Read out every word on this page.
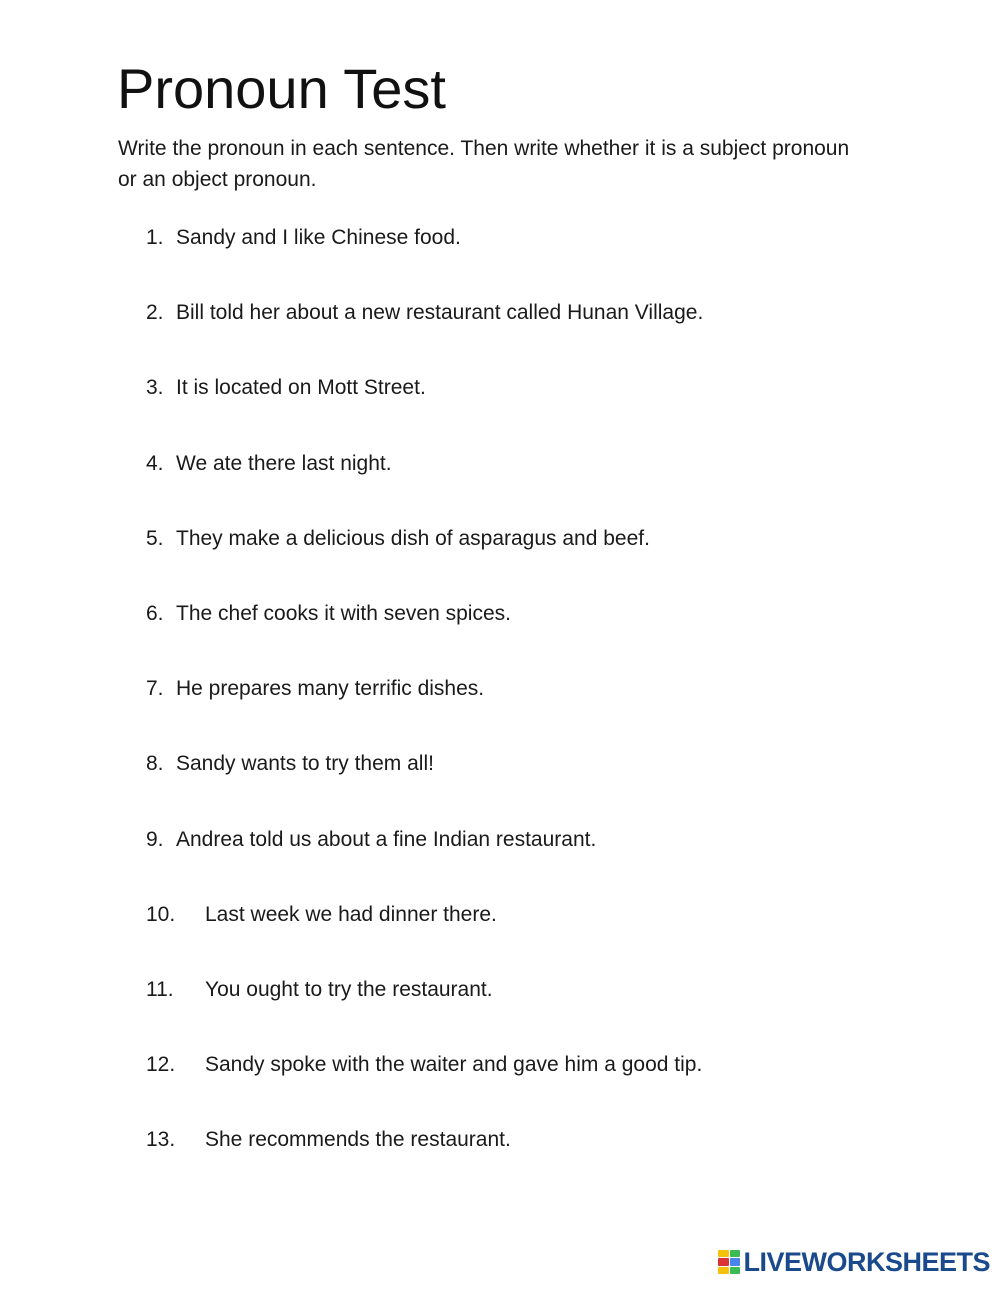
Pronoun Test

Write the pronoun in each sentence. Then write whether it is a subject pronoun or an object pronoun.

1. Sandy and I like Chinese food.
2. Bill told her about a new restaurant called Hunan Village.
3. It is located on Mott Street.
4. We ate there last night.
5. They make a delicious dish of asparagus and beef.
6. The chef cooks it with seven spices.
7. He prepares many terrific dishes.
8. Sandy wants to try them all!
9. Andrea told us about a fine Indian restaurant.
10. Last week we had dinner there.
11. You ought to try the restaurant.
12. Sandy spoke with the waiter and gave him a good tip.
13. She recommends the restaurant.
LIVEWORKSHEETS
